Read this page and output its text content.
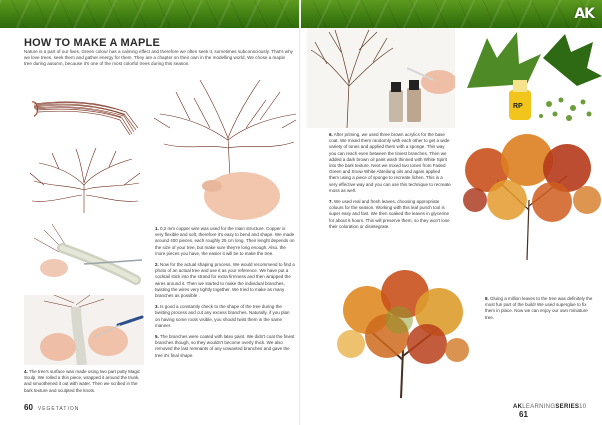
HOW TO MAKE A MAPLE

Nature is a part of our lives. Green colour has a calming effect and therefore we often seek it, sometimes subconsciously. That's why we love trees, seek them and gather energy for them. They are a chapter on their own in the modelling world. We chose a maple tree during autumn, because it's one of the most colorful trees during this season.

4. The tree's surface was made using two part putty Magic Sculp. We rolled a thin piece, wrapped it around the trunk, and smoothened it out with water. Then we scribed in the bark texture and sculpted the knots.

1. 0,2 mm copper wire was used for the main structure. Copper is very flexible and soft, therefore it's easy to bend and shape. We made around 400 pieces, each roughly 25 cm long. Their lenght depends on the size of your tree, but make sure they're long enough. Also, the more pieces you have, the easier it will be to make the tree.

2. Now for the actual shaping process. We would recommend to find a photo of an actual tree and use it as your reference. We have put a cocktail stick into the strand for extra firmness and then wrapped the wires around it. Then we started to make the individual branches, twisting the wires very tightly together. We tried to make as many branches as possible .

3. Is good a constantly check to the shape of the tree during the twisting process and cut any excess branches. Naturally, if you plan on having some roots visible, you should twist them in the same manner.

5. The branches were coated with latex paint. We didn't coat the finest branches though, so they wouldn't become overly thick. We also removed the last remnants of any unwanted branches and gave the tree it's final shape.

60 VEGETATION
AK
RP

6. After priming, we used three brown acrylics for the base coat. We mixed them randomly with each other to get a wide variety of tones and applied them with a sponge. This way you can reach even between the tiniest branches. Then we added a dark brown oil paint wash thinned with White Spirit into the bark texture. Next we mixed two tones from Faded Green and Snow White Abteilung oils and again applied them using a piece of sponge to recreate lichen. This is a very effective way and you can use this technique to recreate moss as well.

7. We used real and fresh leaves, choosing appropriate colours for the season. Working with this leaf punch tool is super easy and fast. We then soaked the leaves in glycerine for about 6 hours. This will preserve them, so they won't lose their coloration or disintegrate.

8. Gluing a million leaves to the tree was definitely the most fun part of the build! We used superglue to fix them in place. Now we can enjoy our own miniature tree.

AKLEARNINGSERIES10 61
